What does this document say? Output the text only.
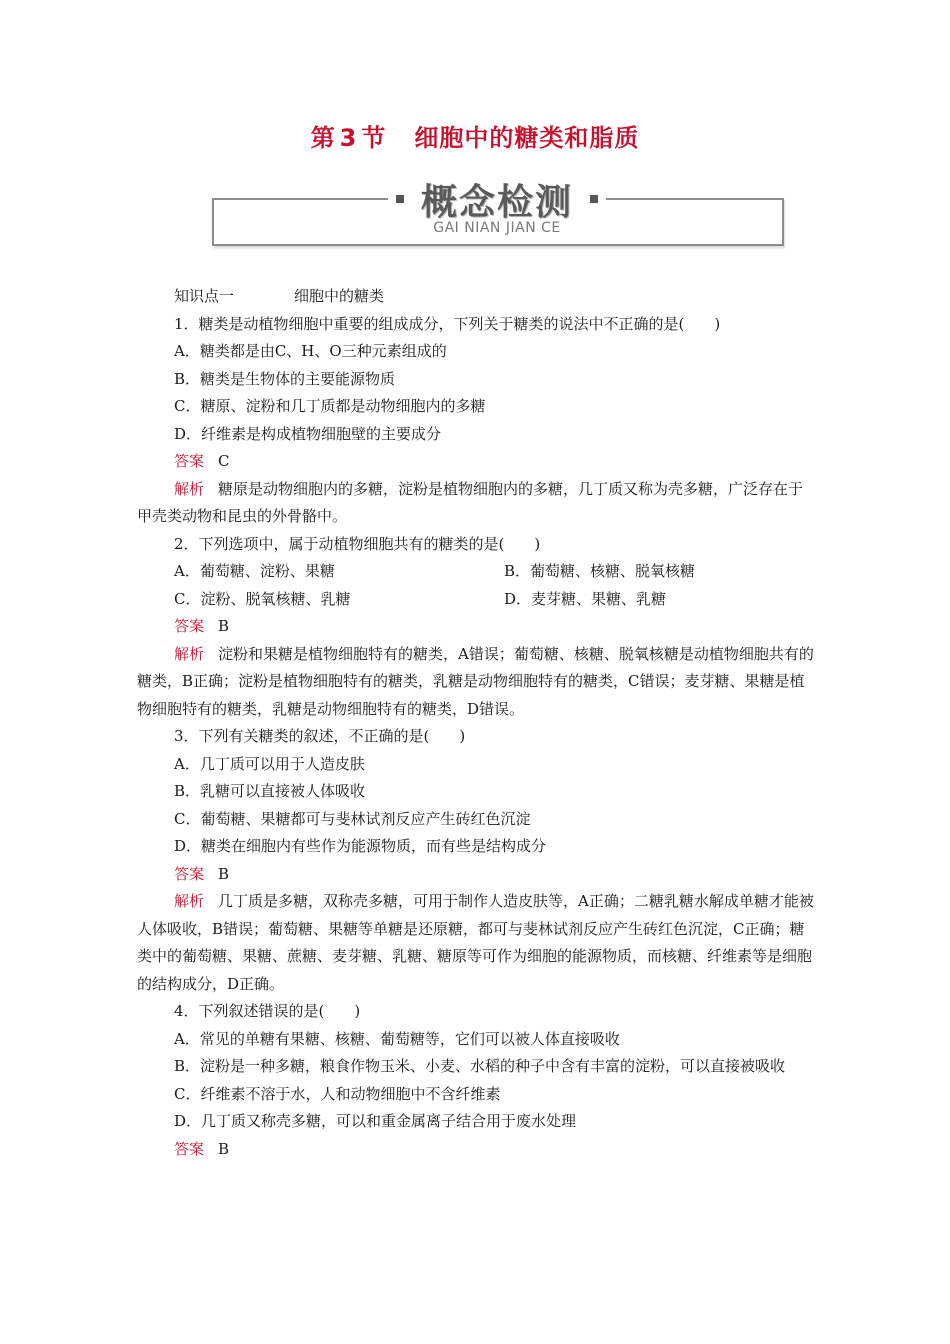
第 3 节 细胞中的糖类和脂质
概念检测
GAI NIAN JIAN CE
知识点一	细胞中的糖类

1．糖类是动植物细胞中重要的组成成分，下列关于糖类的说法中不正确的是(　　)

A．糖类都是由C、H、O三种元素组成的

B．糖类是生物体的主要能源物质

C．糖原、淀粉和几丁质都是动物细胞内的多糖

D．纤维素是构成植物细胞壁的主要成分

答案 C

解析 糖原是动物细胞内的多糖，淀粉是植物细胞内的多糖，几丁质又称为壳多糖，广泛存在于甲壳类动物和昆虫的外骨骼中。

2．下列选项中，属于动植物细胞共有的糖类的是(　　)

A．葡萄糖、淀粉、果糖	B．葡萄糖、核糖、脱氧核糖
C．淀粉、脱氧核糖、乳糖	D．麦芽糖、果糖、乳糖

答案 B

解析 淀粉和果糖是植物细胞特有的糖类，A错误；葡萄糖、核糖、脱氧核糖是动植物细胞共有的糖类，B正确；淀粉是植物细胞特有的糖类，乳糖是动物细胞特有的糖类，C错误；麦芽糖、果糖是植物细胞特有的糖类，乳糖是动物细胞特有的糖类，D错误。

3．下列有关糖类的叙述，不正确的是(　　)

A．几丁质可以用于人造皮肤

B．乳糖可以直接被人体吸收

C．葡萄糖、果糖都可与斐林试剂反应产生砖红色沉淀

D．糖类在细胞内有些作为能源物质，而有些是结构成分

答案 B

解析 几丁质是多糖，双称壳多糖，可用于制作人造皮肤等，A正确；二糖乳糖水解成单糖才能被人体吸收，B错误；葡萄糖、果糖等单糖是还原糖，都可与斐林试剂反应产生砖红色沉淀，C正确；糖类中的葡萄糖、果糖、蔗糖、麦芽糖、乳糖、糖原等可作为细胞的能源物质，而核糖、纤维素等是细胞的结构成分，D正确。

4．下列叙述错误的是(　　)

A．常见的单糖有果糖、核糖、葡萄糖等，它们可以被人体直接吸收

B．淀粉是一种多糖，粮食作物玉米、小麦、水稻的种子中含有丰富的淀粉，可以直接被吸收

C．纤维素不溶于水，人和动物细胞中不含纤维素

D．几丁质又称壳多糖，可以和重金属离子结合用于废水处理

答案 B
